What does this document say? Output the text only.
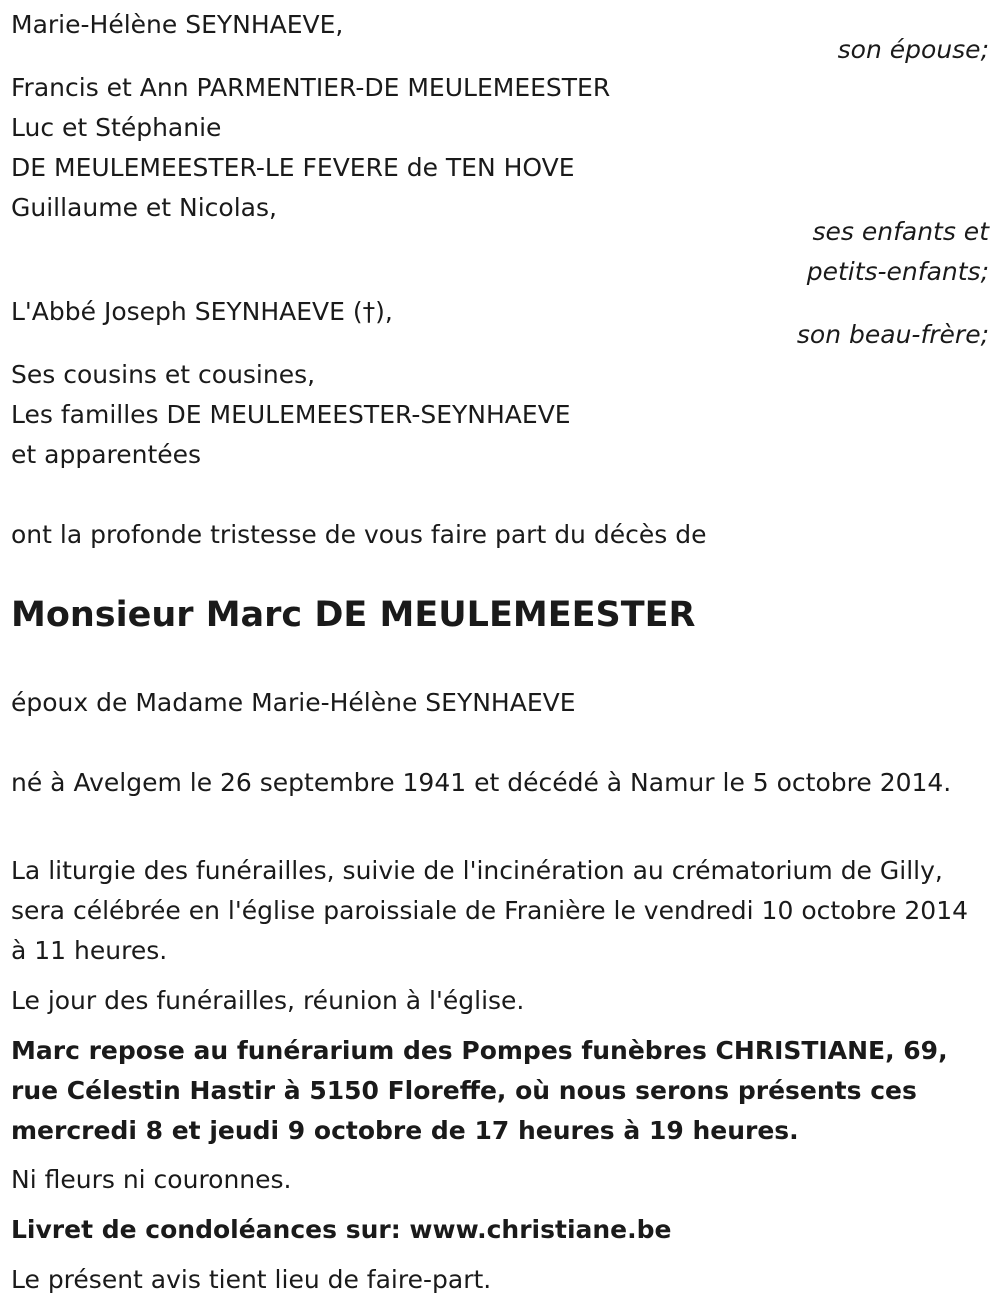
Marie-Hélène SEYNHAEVE,
son épouse;
Francis et Ann PARMENTIER-DE MEULEMEESTER
Luc et Stéphanie
DE MEULEMEESTER-LE FEVERE de TEN HOVE
Guillaume et Nicolas,
ses enfants et
petits-enfants;
L'Abbé Joseph SEYNHAEVE (†),
son beau-frère;
Ses cousins et cousines,
Les familles DE MEULEMEESTER-SEYNHAEVE
et apparentées
ont la profonde tristesse de vous faire part du décès de
Monsieur Marc DE MEULEMEESTER
époux de Madame Marie-Hélène SEYNHAEVE
né à Avelgem le 26 septembre 1941 et décédé à Namur le 5 octobre 2014.
La liturgie des funérailles, suivie de l'incinération au crématorium de Gilly, sera célébrée en l'église paroissiale de Franière le vendredi 10 octobre 2014 à 11 heures.
Le jour des funérailles, réunion à l'église.
Marc repose au funérarium des Pompes funèbres CHRISTIANE, 69, rue Célestin Hastir à 5150 Floreffe, où nous serons présents ces mercredi 8 et jeudi 9 octobre de 17 heures à 19 heures.
Ni fleurs ni couronnes.
Livret de condoléances sur: www.christiane.be
Le présent avis tient lieu de faire-part.
